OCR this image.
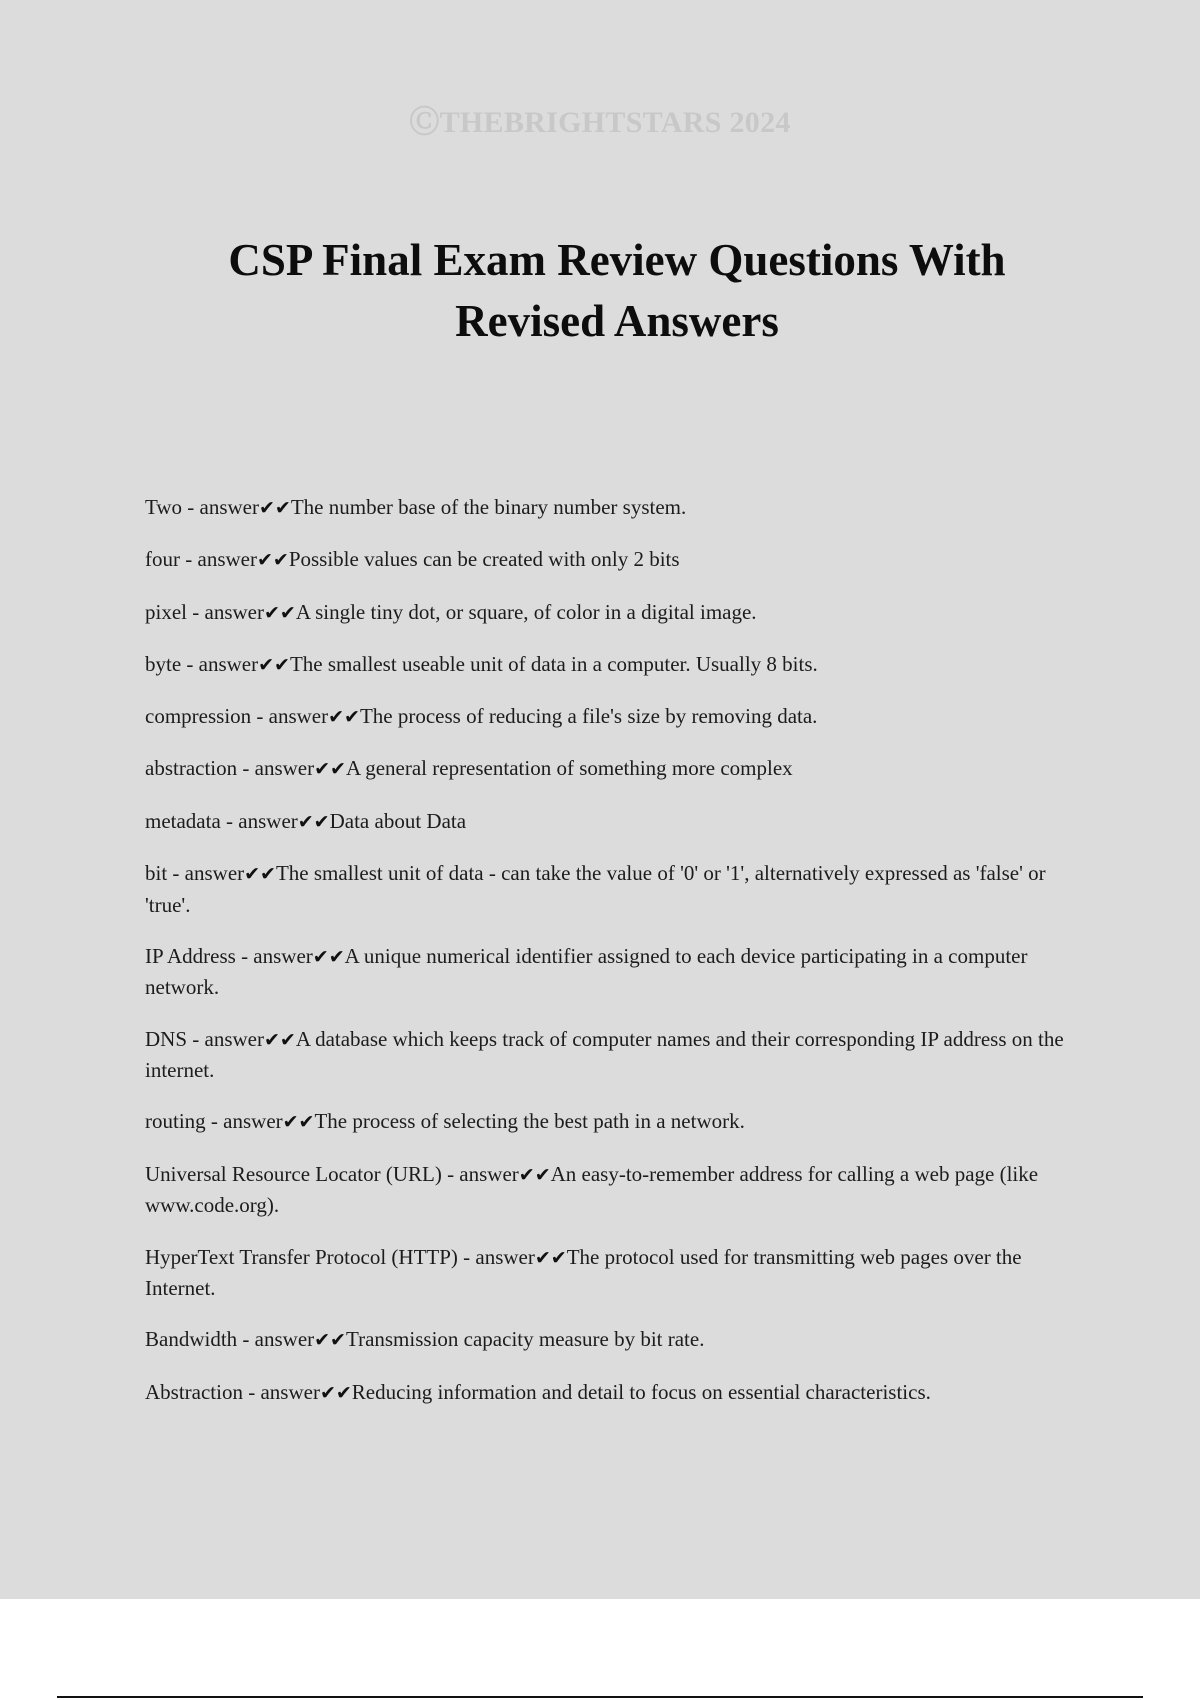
ⒸTHEBRIGHTSTARS 2024
CSP Final Exam Review Questions With Revised Answers
Two - answer✔✔The number base of the binary number system.
four - answer✔✔Possible values can be created with only 2 bits
pixel - answer✔✔A single tiny dot, or square, of color in a digital image.
byte - answer✔✔The smallest useable unit of data in a computer. Usually 8 bits.
compression - answer✔✔The process of reducing a file's size by removing data.
abstraction - answer✔✔A general representation of something more complex
metadata - answer✔✔Data about Data
bit - answer✔✔The smallest unit of data - can take the value of '0' or '1', alternatively expressed as 'false' or 'true'.
IP Address - answer✔✔A unique numerical identifier assigned to each device participating in a computer network.
DNS - answer✔✔A database which keeps track of computer names and their corresponding IP address on the internet.
routing - answer✔✔The process of selecting the best path in a network.
Universal Resource Locator (URL) - answer✔✔An easy-to-remember address for calling a web page (like www.code.org).
HyperText Transfer Protocol (HTTP) - answer✔✔The protocol used for transmitting web pages over the Internet.
Bandwidth - answer✔✔Transmission capacity measure by bit rate.
Abstraction - answer✔✔Reducing information and detail to focus on essential characteristics.
